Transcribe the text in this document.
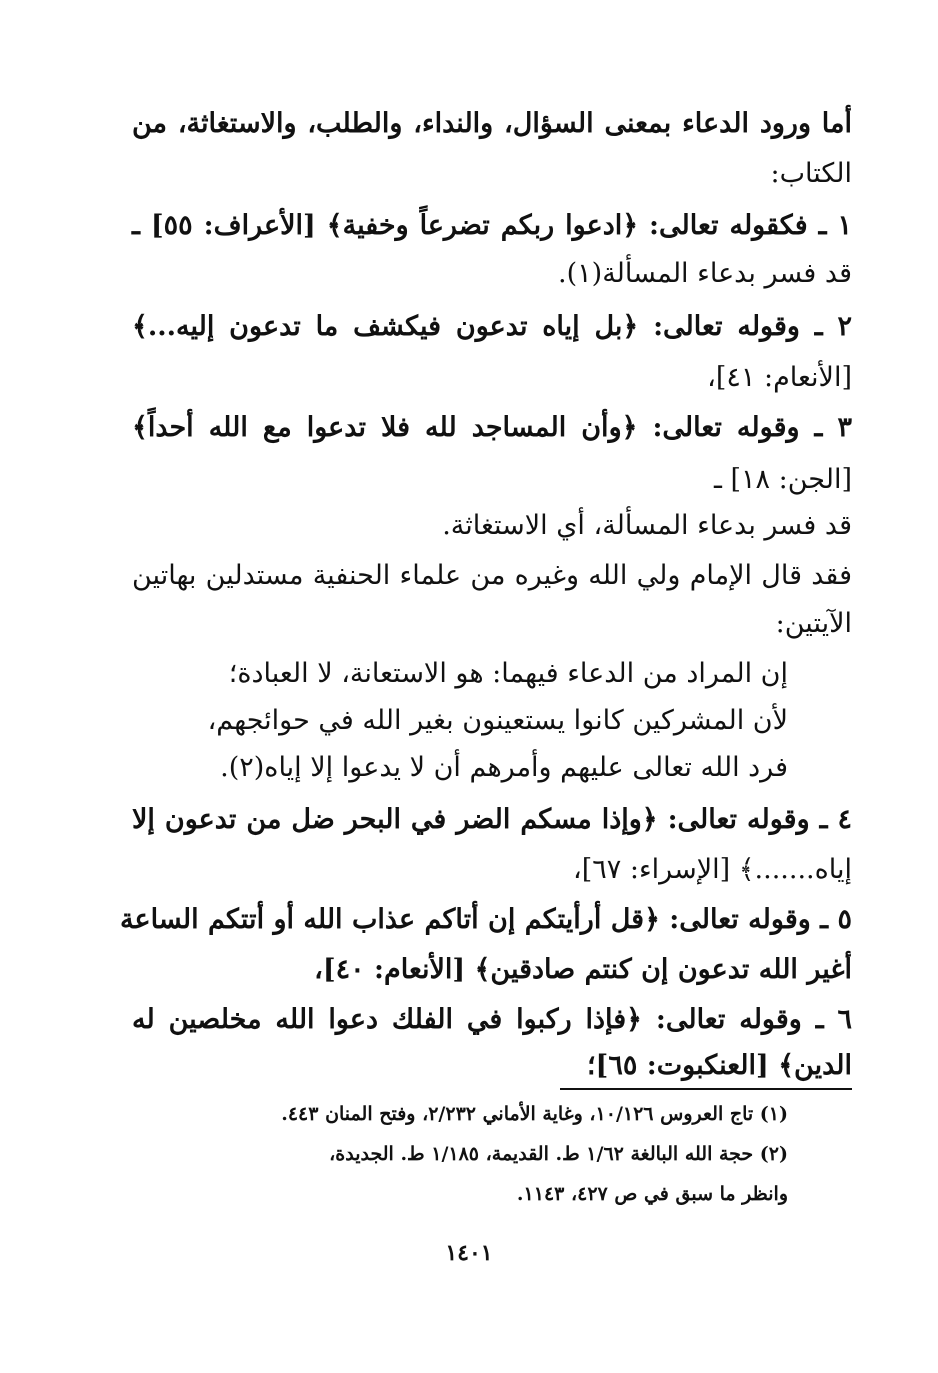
أما ورود الدعاء بمعنى السؤال، والنداء، والطلب، والاستغاثة، من
الكتاب:
١ ـ فكقوله تعالى: ﴿ادعوا ربكم تضرعاً وخفية﴾ [الأعراف: ٥٥] ـ
قد فسر بدعاء المسألة(١).
٢ ـ وقوله تعالى: ﴿بل إياه تدعون فيكشف ما تدعون إليه...﴾
[الأنعام: ٤١]،
٣ ـ وقوله تعالى: ﴿وأن المساجد لله فلا تدعوا مع الله أحداً﴾
[الجن: ١٨] ـ
قد فسر بدعاء المسألة، أي الاستغاثة.
فقد قال الإمام ولي الله وغيره من علماء الحنفية مستدلين بهاتين
الآيتين:
إن المراد من الدعاء فيهما: هو الاستعانة، لا العبادة؛
لأن المشركين كانوا يستعينون بغير الله في حوائجهم،
فرد الله تعالى عليهم وأمرهم أن لا يدعوا إلا إياه(٢).
٤ ـ وقوله تعالى: ﴿وإذا مسكم الضر في البحر ضل من تدعون إلا
إياه.......﴾ [الإسراء: ٦٧]،
٥ ـ وقوله تعالى: ﴿قل أرأيتكم إن أتاكم عذاب الله أو أتتكم الساعة
أغير الله تدعون إن كنتم صادقين﴾ [الأنعام: ٤٠]،
٦ ـ وقوله تعالى: ﴿فإذا ركبوا في الفلك دعوا الله مخلصين له
الدين﴾ [العنكبوت: ٦٥]؛
(١) تاج العروس ١٠/١٢٦، وغاية الأماني ٢/٢٣٢، وفتح المنان ٤٤٣.
(٢) حجة الله البالغة ١/٦٢ ط. القديمة، ١/١٨٥ ط. الجديدة،
وانظر ما سبق في ص ٤٢٧، ١١٤٣.
١٤٠١
